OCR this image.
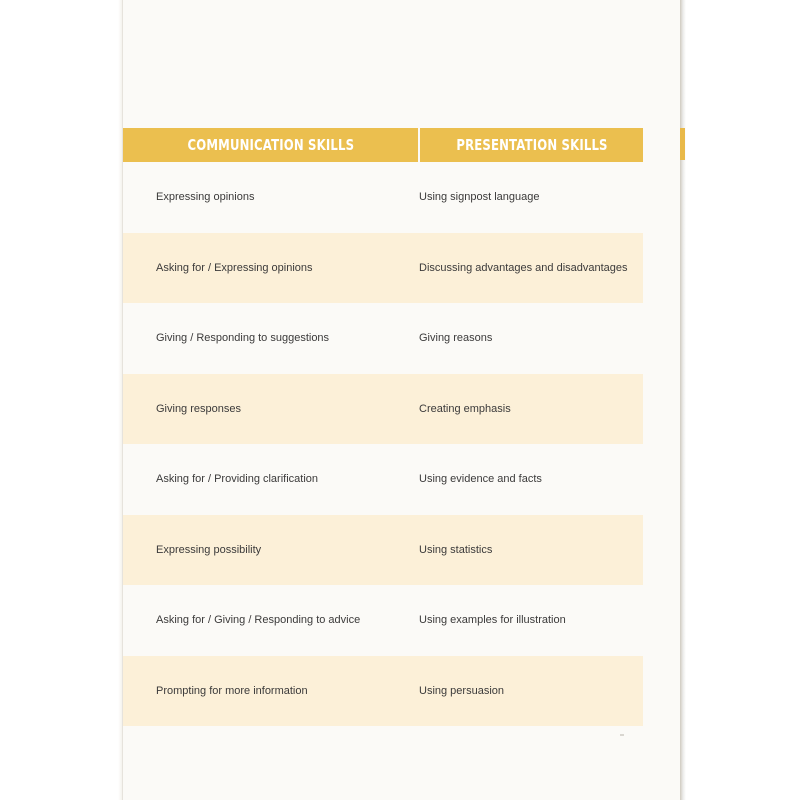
COMMUNICATION SKILLS	PRESENTATION SKILLS
Expressing opinions	Using signpost language
Asking for / Expressing opinions	Discussing advantages and disadvantages
Giving / Responding to suggestions	Giving reasons
Giving responses	Creating emphasis
Asking for / Providing clarification	Using evidence and facts
Expressing possibility	Using statistics
Asking for / Giving / Responding to advice	Using examples for illustration
Prompting for more information	Using persuasion
